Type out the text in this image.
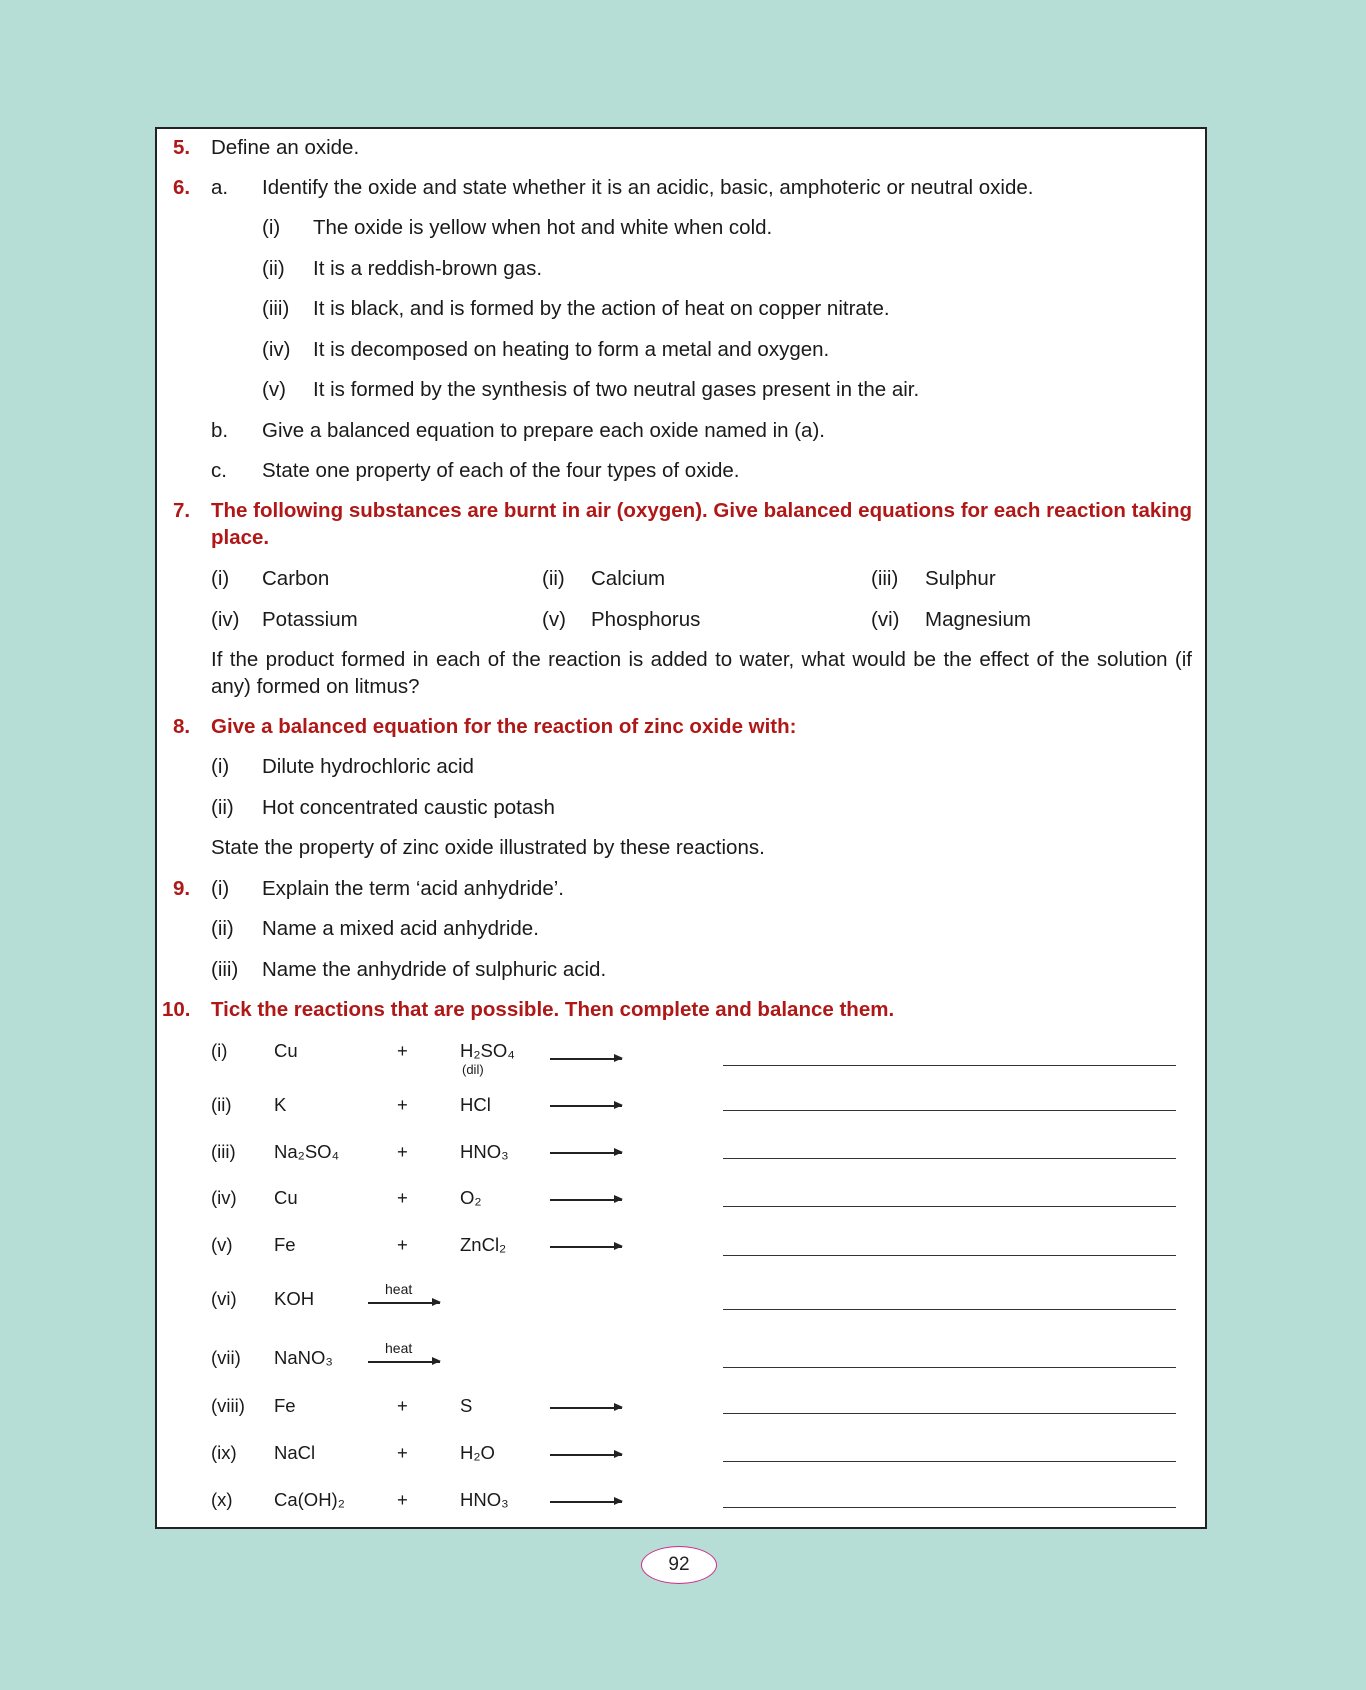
5. Define an oxide.
6. a. Identify the oxide and state whether it is an acidic, basic, amphoteric or neutral oxide.
(i) The oxide is yellow when hot and white when cold.
(ii) It is a reddish-brown gas.
(iii) It is black, and is formed by the action of heat on copper nitrate.
(iv) It is decomposed on heating to form a metal and oxygen.
(v) It is formed by the synthesis of two neutral gases present in the air.
b. Give a balanced equation to prepare each oxide named in (a).
c. State one property of each of the four types of oxide.
7. The following substances are burnt in air (oxygen). Give balanced equations for each reaction taking place.
(i) Carbon	(ii) Calcium	(iii) Sulphur
(iv) Potassium	(v) Phosphorus	(vi) Magnesium
If the product formed in each of the reaction is added to water, what would be the effect of the solution (if any) formed on litmus?
8. Give a balanced equation for the reaction of zinc oxide with:
(i) Dilute hydrochloric acid
(ii) Hot concentrated caustic potash
State the property of zinc oxide illustrated by these reactions.
9. (i) Explain the term ‘acid anhydride’.
(ii) Name a mixed acid anhydride.
(iii) Name the anhydride of sulphuric acid.
10. Tick the reactions that are possible. Then complete and balance them.
(i)	Cu	+	H₂SO₄
(dil)
(ii) K	+	HCl
(iii) Na₂SO₄	+	HNO₃
(iv) Cu	+	O₂
(v) Fe	+	ZnCl₂
(vi) KOH	heat
(vii) NaNO₃	heat
(viii) Fe	+	S
(ix) NaCl	+	H₂O
(x) Ca(OH)₂	+	HNO₃
92
